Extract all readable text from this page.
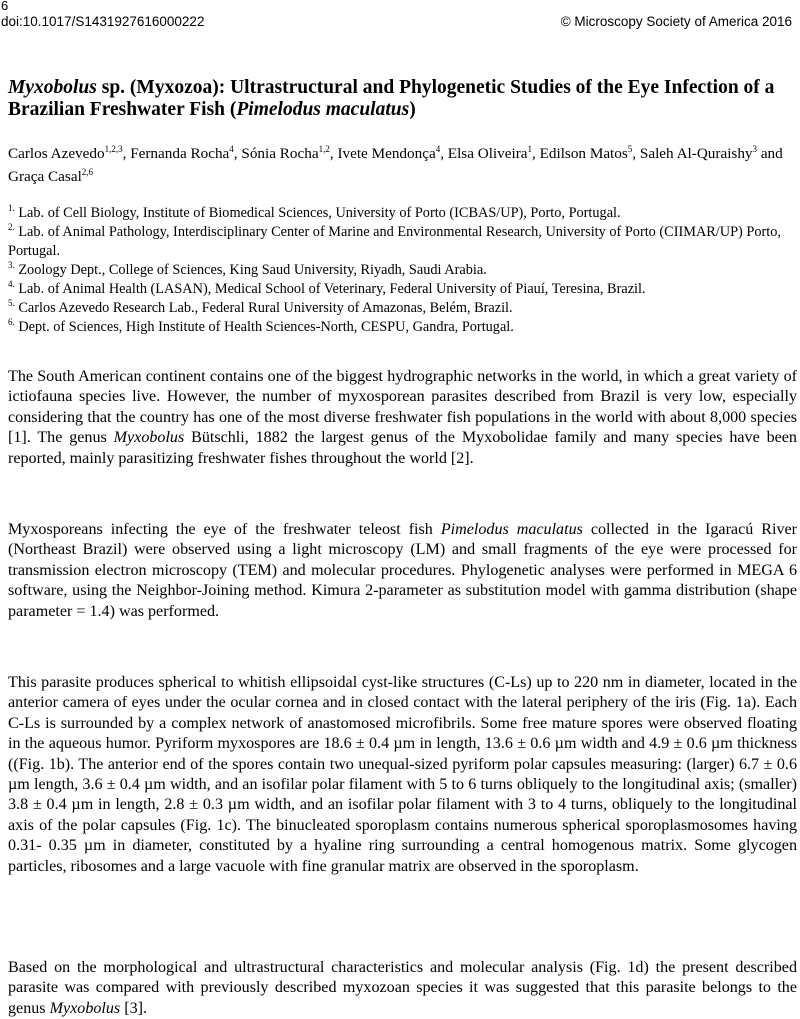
6
doi:10.1017/S1431927616000222	© Microscopy Society of America 2016
Myxobolus sp. (Myxozoa): Ultrastructural and Phylogenetic Studies of the Eye Infection of a Brazilian Freshwater Fish (Pimelodus maculatus)

Carlos Azevedo$^{1,2,3}$, Fernanda Rocha$^4$, Sónia Rocha$^{1,2}$, Ivete Mendonça$^4$, Elsa Oliveira$^1$, Edilson Matos$^5$, Saleh Al-Quraishy$^3$ and Graça Casal$^{2,6}$

$^{1.}$ Lab. of Cell Biology, Institute of Biomedical Sciences, University of Porto (ICBAS/UP), Porto, Portugal.
$^{2.}$ Lab. of Animal Pathology, Interdisciplinary Center of Marine and Environmental Research, University of Porto (CIIMAR/UP) Porto, Portugal.
$^{3.}$ Zoology Dept., College of Sciences, King Saud University, Riyadh, Saudi Arabia.
$^{4.}$ Lab. of Animal Health (LASAN), Medical School of Veterinary, Federal University of Piauí, Teresina, Brazil.
$^{5.}$ Carlos Azevedo Research Lab., Federal Rural University of Amazonas, Belém, Brazil.
$^{6.}$ Dept. of Sciences, High Institute of Health Sciences-North, CESPU, Gandra, Portugal.

The South American continent contains one of the biggest hydrographic networks in the world, in which a great variety of ictiofauna species live. However, the number of myxosporean parasites described from Brazil is very low, especially considering that the country has one of the most diverse freshwater fish populations in the world with about 8,000 species [1]. The genus Myxobolus Bütschli, 1882 the largest genus of the Myxobolidae family and many species have been reported, mainly parasitizing freshwater fishes throughout the world [2].

Myxosporeans infecting the eye of the freshwater teleost fish Pimelodus maculatus collected in the Igaracú River (Northeast Brazil) were observed using a light microscopy (LM) and small fragments of the eye were processed for transmission electron microscopy (TEM) and molecular procedures. Phylogenetic analyses were performed in MEGA 6 software, using the Neighbor-Joining method. Kimura 2-parameter as substitution model with gamma distribution (shape parameter = 1.4) was performed.

This parasite produces spherical to whitish ellipsoidal cyst-like structures (C-Ls) up to 220 nm in diameter, located in the anterior camera of eyes under the ocular cornea and in closed contact with the lateral periphery of the iris (Fig. 1a). Each C-Ls is surrounded by a complex network of anastomosed microfibrils. Some free mature spores were observed floating in the aqueous humor. Pyriform myxospores are 18.6 ± 0.4 µm in length, 13.6 ± 0.6 µm width and 4.9 ± 0.6 µm thickness ((Fig. 1b). The anterior end of the spores contain two unequal-sized pyriform polar capsules measuring: (larger) 6.7 ± 0.6 µm length, 3.6 ± 0.4 µm width, and an isofilar polar filament with 5 to 6 turns obliquely to the longitudinal axis; (smaller) 3.8 ± 0.4 µm in length, 2.8 ± 0.3 µm width, and an isofilar polar filament with 3 to 4 turns, obliquely to the longitudinal axis of the polar capsules (Fig. 1c). The binucleated sporoplasm contains numerous spherical sporoplasmosomes having 0.31- 0.35 µm in diameter, constituted by a hyaline ring surrounding a central homogenous matrix. Some glycogen particles, ribosomes and a large vacuole with fine granular matrix are observed in the sporoplasm.

Based on the morphological and ultrastructural characteristics and molecular analysis (Fig. 1d) the present described parasite was compared with previously described myxozoan species it was suggested that this parasite belongs to the genus Myxobolus [3].
